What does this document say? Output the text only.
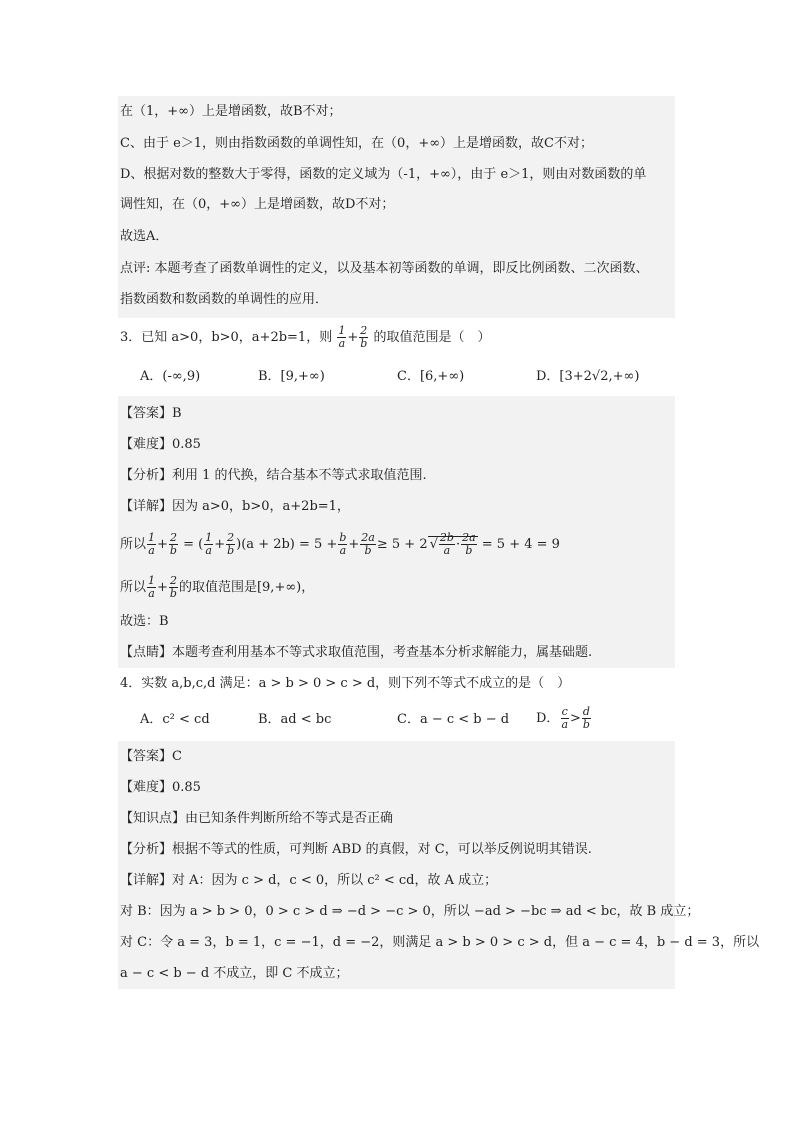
在（1，+∞）上是增函数，故B不对；
C、由于 e＞1，则由指数函数的单调性知，在（0，+∞）上是增函数，故C不对；
D、根据对数的整数大于零得，函数的定义域为（-1，+∞），由于 e＞1，则由对数函数的单
调性知，在（0，+∞）上是增函数，故D不对；
故选A．
点评: 本题考查了函数单调性的定义，以及基本初等函数的单调，即反比例函数、二次函数、
指数函数和数函数的单调性的应用．
3．已知 a>0，b>0，a+2b=1，则 $\frac{1}{a} + \frac{2}{b}$ 的取值范围是（　）
A．(-∞,9)	B．[9,+∞)	C．[6,+∞)	D．[3+2√2,+∞)
【答案】B
【难度】0.85
【分析】利用 1 的代换，结合基本不等式求取值范围.
【详解】因为 a>0，b>0，a+2b=1，
所以 $\frac{1}{a} + \frac{2}{b}$ = ( $\frac{1}{a} + \frac{2}{b} )(a + 2b) = 5 + \frac{b}{a} + \frac{2a}{b} \ge 5 + 2$ √ $\frac{2b}{a} \cdot \frac{2a}{b} = 5 + 4 = 9$
所以 $\frac{1}{a} + \frac{2}{b}$ 的取值范围是[9,+∞)，
故选：B
【点睛】本题考查利用基本不等式求取值范围，考查基本分析求解能力，属基础题.
4．实数 a,b,c,d 满足：a > b > 0 > c > d，则下列不等式不成立的是（　）
A．c² < cd	B．ad < bc	C．a − c < b − d D． $\frac{c}{a} > \frac{d}{b}$
【答案】C
【难度】0.85
【知识点】由已知条件判断所给不等式是否正确
【分析】根据不等式的性质，可判断 ABD 的真假，对 C，可以举反例说明其错误.
【详解】对 A：因为 c > d，c < 0，所以 c² < cd，故 A 成立；
对 B：因为 a > b > 0，0 > c > d ⇒ −d > −c > 0，所以 −ad > −bc ⇒ ad < bc，故 B 成立；
对 C：令 a = 3，b = 1，c = −1，d = −2，则满足 a > b > 0 > c > d，但 a − c = 4，b − d = 3，所以
a − c < b − d 不成立，即 C 不成立；
